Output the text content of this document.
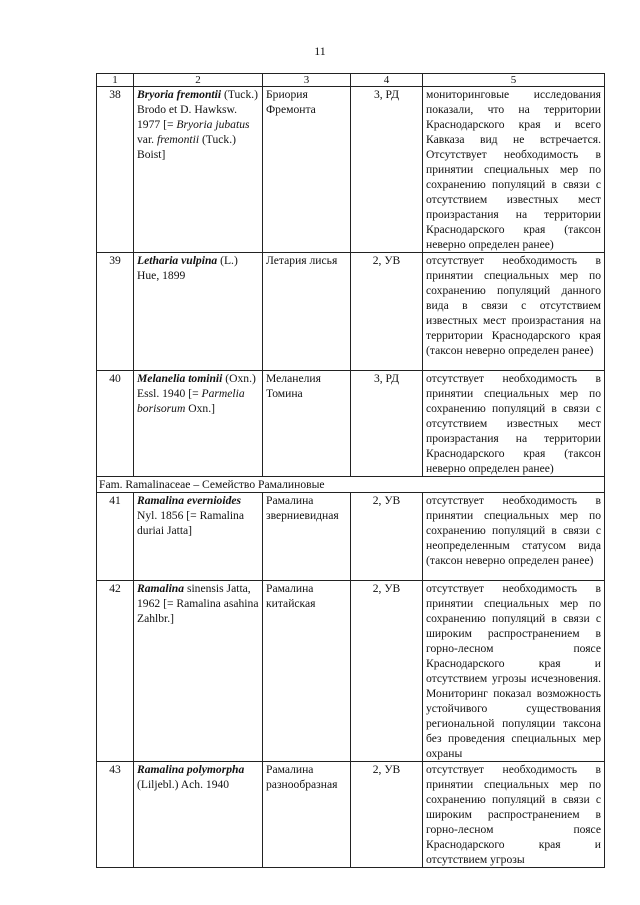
11
1	2	3	4	5
38	Bryoria fremontii (Tuck.) Brodo et D. Hawksw. 1977 [= Bryoria jubatus var. fremontii (Tuck.) Boist]	Бриория Фремонта	3, РД	мониторинговые исследования показали, что на территории Краснодарского края и всего Кавказа вид не встречается. Отсутствует необходимость в принятии специальных мер по сохранению популяций в связи с отсутствием известных мест произрастания на территории Краснодарского края (таксон неверно определен ранее)
39	Letharia vulpina (L.) Hue, 1899	Летария лисья	2, УВ	отсутствует необходимость в принятии специальных мер по сохранению популяций данного вида в связи с отсутствием известных мест произрастания на территории Краснодарского края (таксон неверно определен ранее)
40	Melanelia tominii (Oxn.) Essl. 1940 [= Parmelia borisorum Oxn.]	Меланелия Томина	3, РД	отсутствует необходимость в принятии специальных мер по сохранению популяций в связи с отсутствием известных мест произрастания на территории Краснодарского края (таксон неверно определен ранее)
Fam. Ramalinaceae – Семейство Рамалиновые				
41	Ramalina evernioides Nyl. 1856 [= Ramalina duriai Jatta]	Рамалина зверниевидная	2, УВ	отсутствует необходимость в принятии специальных мер по сохранению популяций в связи с неопределенным статусом вида (таксон неверно определен ранее)
42	Ramalina sinensis Jatta, 1962 [= Ramalina asahina Zahlbr.]	Рамалина китайская	2, УВ	отсутствует необходимость в принятии специальных мер по сохранению популяций в связи с широким распространением в горно-лесном поясе Краснодарского края и отсутствием угрозы исчезновения. Мониторинг показал возможность устойчивого существования региональной популяции таксона без проведения специальных мер охраны
43	Ramalina polymorpha (Liljebl.) Ach. 1940	Рамалина разнообразная	2, УВ	отсутствует необходимость в принятии специальных мер по сохранению популяций в связи с широким распространением в горно-лесном поясе Краснодарского края и отсутствием угрозы
